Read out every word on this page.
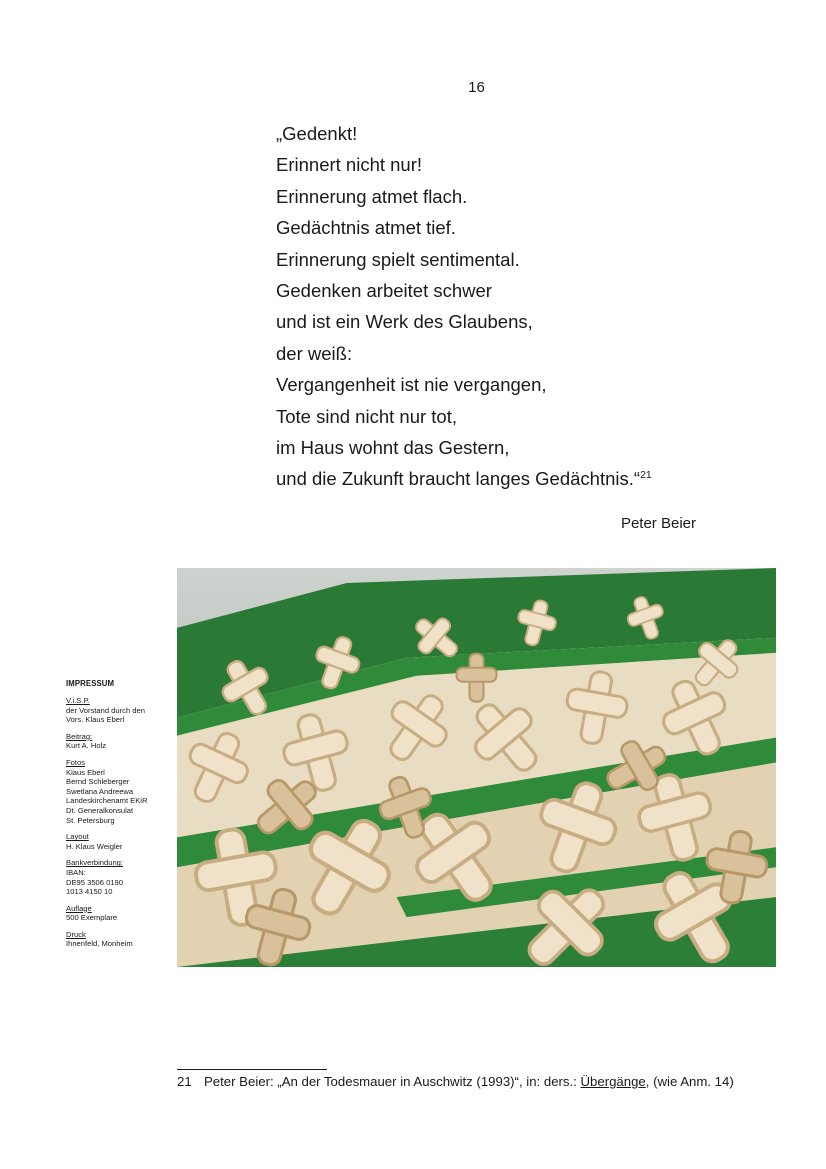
16
„Gedenkt!
Erinnert nicht nur!
Erinnerung atmet flach.
Gedächtnis atmet tief.
Erinnerung spielt sentimental.
Gedenken arbeitet schwer
und ist ein Werk des Glaubens,
der weiß:
Vergangenheit ist nie vergangen,
Tote sind nicht nur tot,
im Haus wohnt das Gestern,
und die Zukunft braucht langes Gedächtnis.“$^{21}$
Peter Beier
IMPRESSUM
V.i.S.P.
der Vorstand durch den
Vors. Klaus Eberl
Beitrag:
Kurt A. Holz
Fotos
Klaus Eberl
Bernd Schleberger
Swetlana Andreewa
Landeskirchenamt EKiR
Dt. Generalkonsulat
St. Petersburg
Layout
H. Klaus Weigler
Bankverbindung:
IBAN:
DE95 3506 0190
1013 4150 10
Auflage
500 Exemplare
Druck
Ihnenfeld, Monheim
21 Peter Beier: „An der Todesmauer in Auschwitz (1993)“, in: ders.: Übergänge, (wie Anm. 14)
